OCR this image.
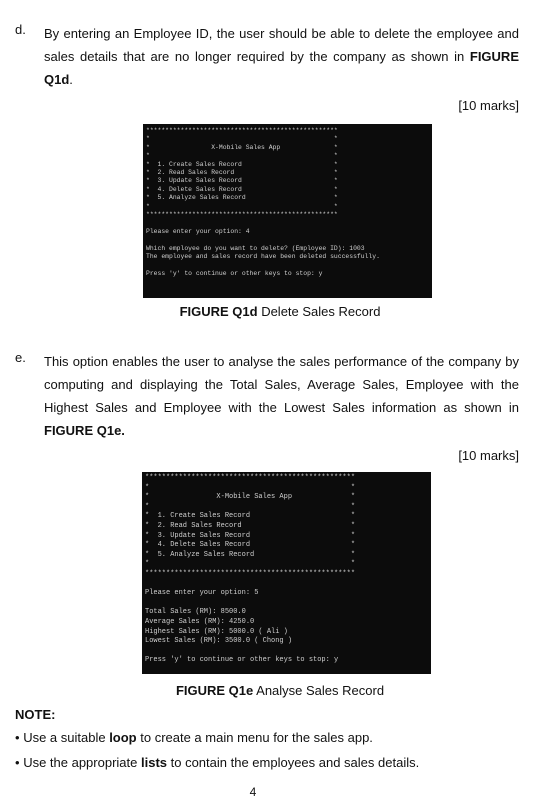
d. By entering an Employee ID, the user should be able to delete the employee and sales details that are no longer required by the company as shown in FIGURE Q1d.

[10 marks]
**************************************************
*                                                *
*                X-Mobile Sales App              *
*                                                *
*  1. Create Sales Record                        *
*  2. Read Sales Record                          *
*  3. Update Sales Record                        *
*  4. Delete Sales Record                        *
*  5. Analyze Sales Record                       *
*                                                *
**************************************************
Please enter your option: 4
Which employee do you want to delete? (Employee ID): 1003
The employee and sales record have been deleted successfully.
Press 'y' to continue or other keys to stop: y
FIGURE Q1d Delete Sales Record
e. This option enables the user to analyse the sales performance of the company by computing and displaying the Total Sales, Average Sales, Employee with the Highest Sales and Employee with the Lowest Sales information as shown in FIGURE Q1e.

[10 marks]
**************************************************
*                                                *
*                X-Mobile Sales App              *
*                                                *
*  1. Create Sales Record                        *
*  2. Read Sales Record                          *
*  3. Update Sales Record                        *
*  4. Delete Sales Record                        *
*  5. Analyze Sales Record                       *
*                                                *
**************************************************
Please enter your option: 5
Total Sales (RM): 8500.0
Average Sales (RM): 4250.0
Highest Sales (RM): 5000.0 ( Ali )
Lowest Sales (RM): 3500.0 ( Chong )
Press 'y' to continue or other keys to stop: y
FIGURE Q1e Analyse Sales Record
NOTE:
• Use a suitable loop to create a main menu for the sales app.
• Use the appropriate lists to contain the employees and sales details.
4
